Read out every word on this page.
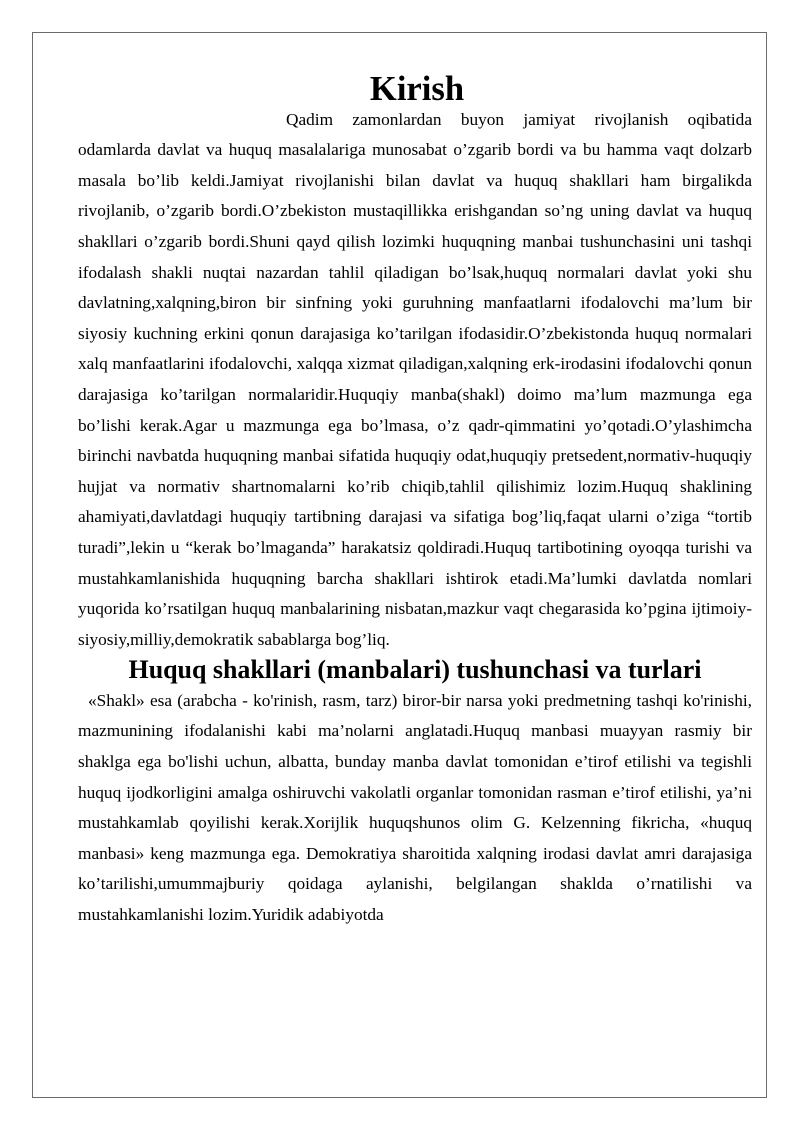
Kirish

Qadim zamonlardan buyon jamiyat rivojlanish oqibatida odamlarda davlat va huquq masalalariga munosabat o’zgarib bordi va bu hamma vaqt dolzarb masala bo’lib keldi.Jamiyat rivojlanishi bilan davlat va huquq shakllari ham birgalikda rivojlanib, o’zgarib bordi.O’zbekiston mustaqillikka erishgandan so’ng uning davlat va huquq shakllari o’zgarib bordi.Shuni qayd qilish lozimki huquqning manbai tushunchasini uni tashqi ifodalash shakli nuqtai nazardan tahlil qiladigan bo’lsak,huquq normalari davlat yoki shu davlatning,xalqning,biron bir sinfning yoki guruhning manfaatlarni ifodalovchi ma’lum bir siyosiy kuchning erkini qonun darajasiga ko’tarilgan ifodasidir.O’zbekistonda huquq normalari xalq manfaatlarini ifodalovchi, xalqqa xizmat qiladigan,xalqning erk-irodasini ifodalovchi qonun darajasiga ko’tarilgan normalaridir.Huquqiy manba(shakl) doimo ma’lum mazmunga ega bo’lishi kerak.Agar u mazmunga ega bo’lmasa, o’z qadr-qimmatini yo’qotadi.O’ylashimcha birinchi navbatda huquqning manbai sifatida huquqiy odat,huquqiy pretsedent,normativ-huquqiy hujjat va normativ shartnomalarni ko’rib chiqib,tahlil qilishimiz lozim.Huquq shaklining ahamiyati,davlatdagi huquqiy tartibning darajasi va sifatiga bog’liq,faqat ularni o’ziga “tortib turadi”,lekin u “kerak bo’lmaganda” harakatsiz qoldiradi.Huquq tartibotining oyoqqa turishi va mustahkamlanishida huquqning barcha shakllari ishtirok etadi.Ma’lumki davlatda nomlari yuqorida ko’rsatilgan huquq manbalarining nisbatan,mazkur vaqt chegarasida ko’pgina ijtimoiy-siyosiy,milliy,demokratik sabablarga bog’liq.

Huquq shakllari (manbalari) tushunchasi va turlari

«Shakl» esa (arabcha - ko'rinish, rasm, tarz) biror-bir narsa yoki predmetning tashqi ko'rinishi, mazmunining ifodalanishi kabi ma’nolarni anglatadi.Huquq manbasi muayyan rasmiy bir shaklga ega bo'lishi uchun, albatta, bunday manba davlat tomonidan e’tirof etilishi va tegishli huquq ijodkorligini amalga oshiruvchi vakolatli organlar tomonidan rasman e’tirof etilishi, ya’ni mustahkamlab qoyilishi kerak.Xorijlik huquqshunos olim G. Kelzenning fikricha, «huquq manbasi» keng mazmunga ega. Demokratiya sharoitida xalqning irodasi davlat amri darajasiga ko’tarilishi,umummajburiy qoidaga aylanishi, belgilangan shaklda o’rnatilishi va mustahkamlanishi lozim.Yuridik adabiyotda
